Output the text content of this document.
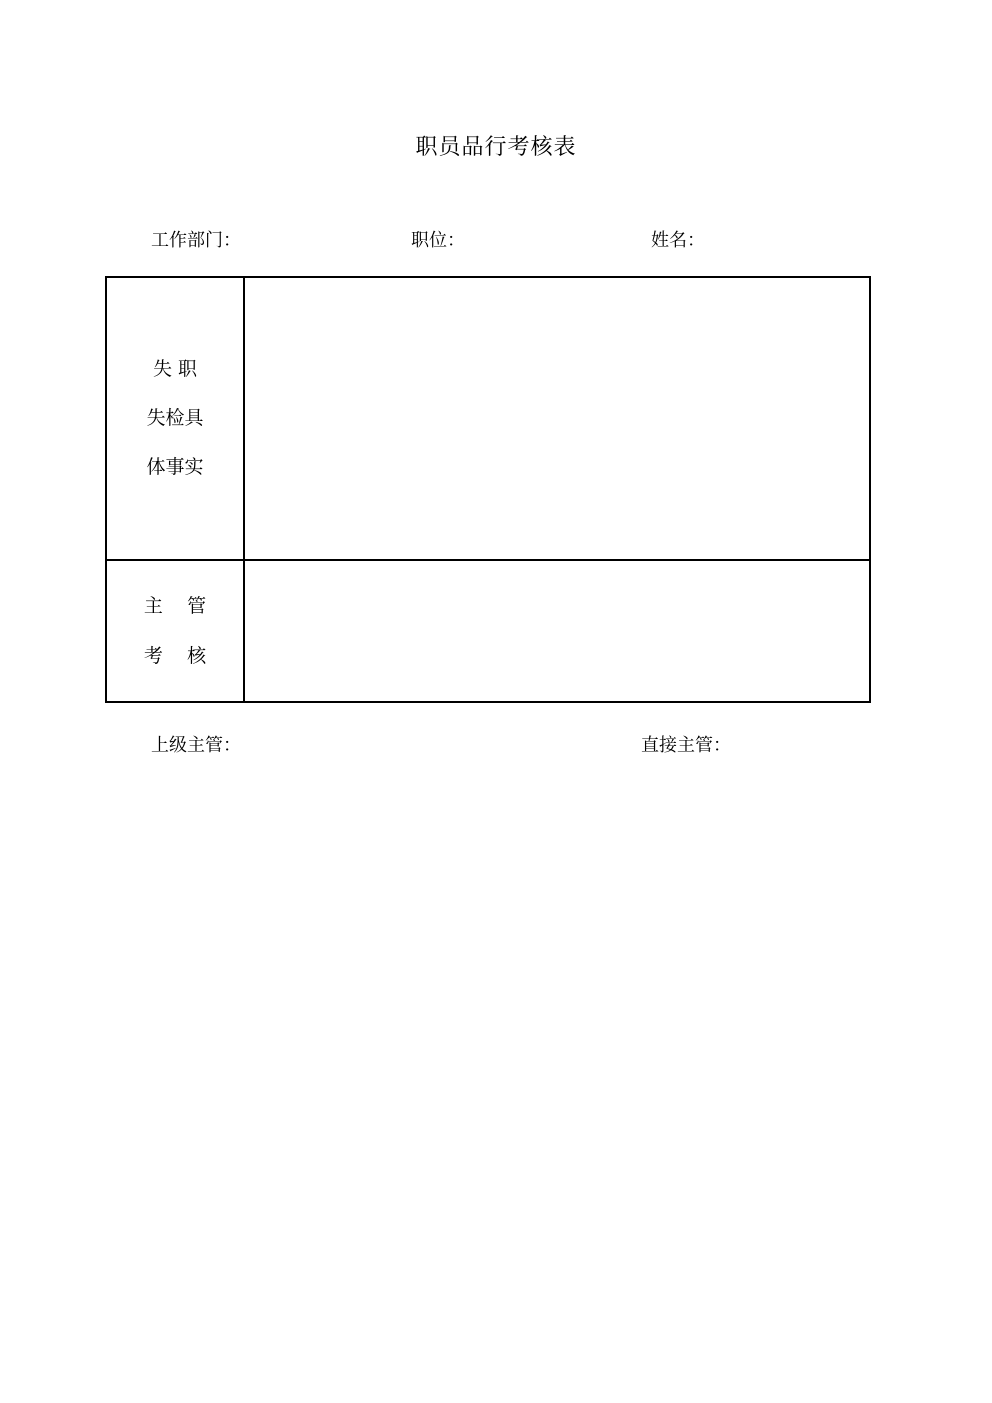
职员品行考核表
工作部门：	职位：	姓名：
失 职
失检具
体事实	

主    管
考    核	

上级主管：	直接主管：
